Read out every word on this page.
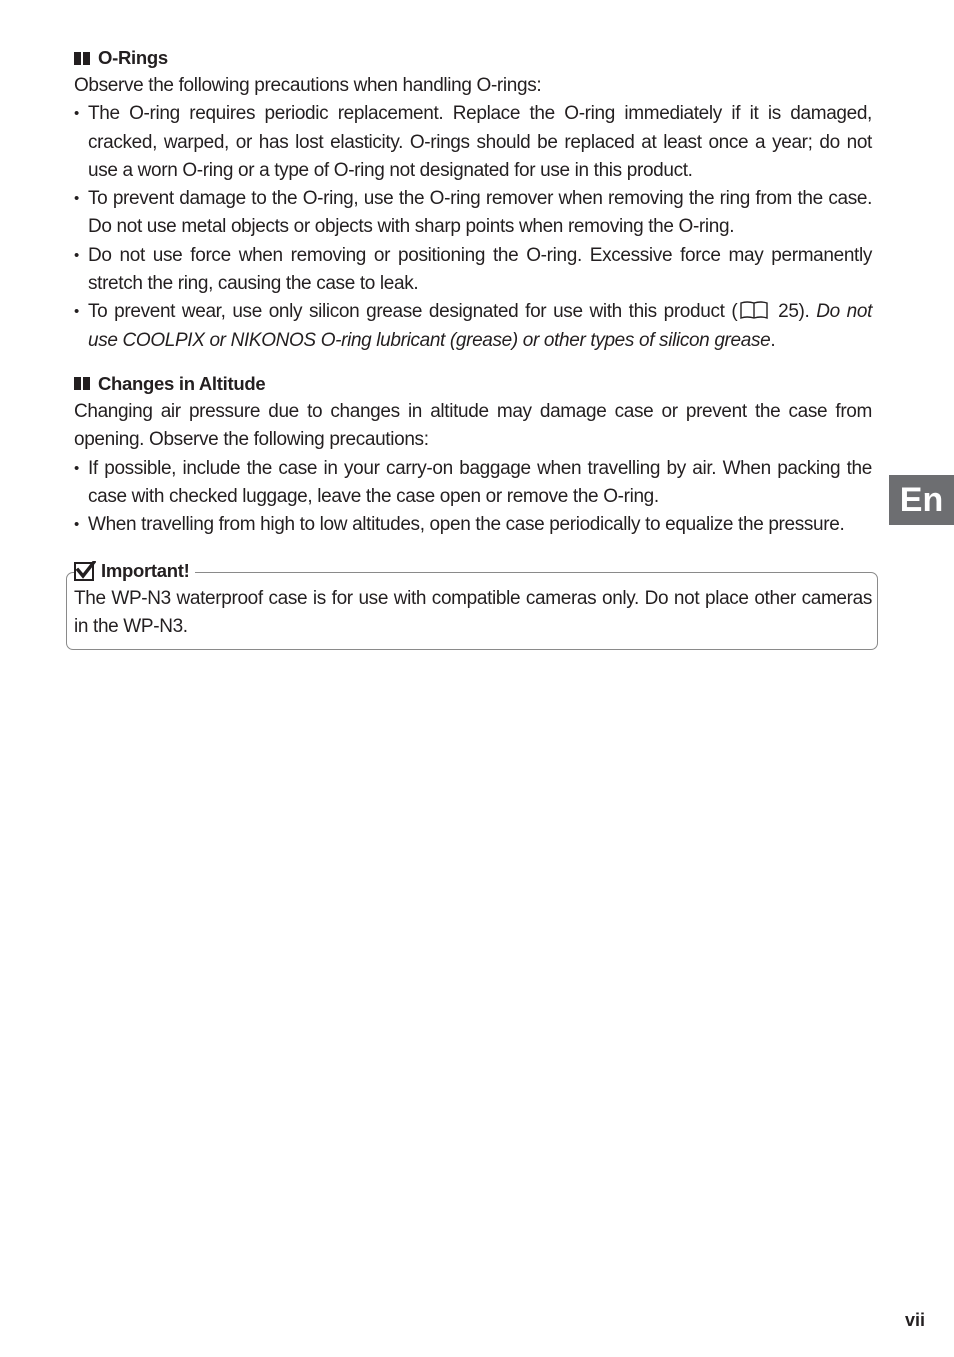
O-Rings
Observe the following precautions when handling O-rings:
• The O-ring requires periodic replacement. Replace the O-ring immediately if it is damaged, cracked, warped, or has lost elasticity. O-rings should be replaced at least once a year; do not use a worn O-ring or a type of O-ring not designated for use in this product.
• To prevent damage to the O-ring, use the O-ring remover when removing the ring from the case. Do not use metal objects or objects with sharp points when removing the O-ring.
• Do not use force when removing or positioning the O-ring. Excessive force may permanently stretch the ring, causing the case to leak.
• To prevent wear, use only silicon grease designated for use with this product ( 25). Do not use COOLPIX or NIKONOS O-ring lubricant (grease) or other types of silicon grease.
Changes in Altitude
Changing air pressure due to changes in altitude may damage case or prevent the case from opening. Observe the following precautions:
• If possible, include the case in your carry-on baggage when travelling by air. When packing the case with checked luggage, leave the case open or remove the O-ring.
• When travelling from high to low altitudes, open the case periodically to equalize the pressure.
Important!
The WP-N3 waterproof case is for use with compatible cameras only. Do not place other cameras in the WP-N3.
En
vii
